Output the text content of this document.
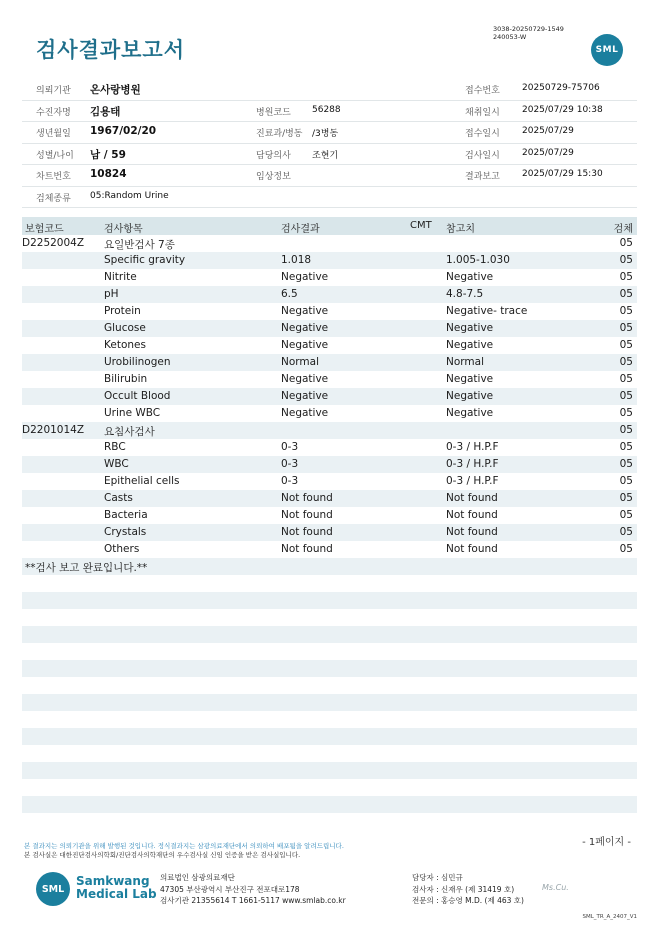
검사결과보고서
3038-20250729-1549
240053-W
SML
의뢰기관 온사랑병원	접수번호 20250729-75706
수진자명 김용태	병원코드 56288	채취일시 2025/07/29 10:38
생년월일 1967/02/20	진료과/병동 /3병동	접수일시 2025/07/29
성별/나이 남 / 59	담당의사 조현기	검사일시 2025/07/29
차트번호 10824	임상정보	결과보고 2025/07/29 15:30
검체종류 05:Random Urine
보험코드	검사항목	검사결과	CMT 참고치	검체
D2252004Z 요일반검사 7종	05
Specific gravity	1.018	1.005-1.030	05
Nitrite	Negative	Negative	05
pH	6.5	4.8-7.5	05
Protein	Negative	Negative- trace	05
Glucose	Negative	Negative	05
Ketones	Negative	Negative	05
Urobilinogen	Normal	Normal	05
Bilirubin	Negative	Negative	05
Occult Blood	Negative	Negative	05
Urine WBC	Negative	Negative	05
D2201014Z 요침사검사	05
RBC	0-3	0-3 / H.P.F	05
WBC	0-3	0-3 / H.P.F	05
Epithelial cells	0-3	0-3 / H.P.F	05
Casts	Not found	Not found	05
Bacteria	Not found	Not found	05
Crystals	Not found	Not found	05
Others	Not found	Not found	05
**검사 보고 완료입니다.**
- 1페이지 -
본 결과지는 의뢰기관을 위해 발행된 것입니다. 정식결과지는 삼광의료재단에서 의뢰하여 배포됨을 알려드립니다.
본 검사실은 대한진단검사의학회/진단검사의학재단의 우수검사실 신임 인증을 받은 검사실입니다.
SML
Samkwang
Medical Lab
의료법인 삼광의료재단
47305 부산광역시 부산진구 전포대로178
검사기관 21355614 T 1661-5117 www.smlab.co.kr
담당자 : 심민규
검사자 : 신재우 (제 31419 호)
전문의 : 홍승영 M.D. (제 463 호)
Ms.Cu.
SML_TR_A_2407_V1
